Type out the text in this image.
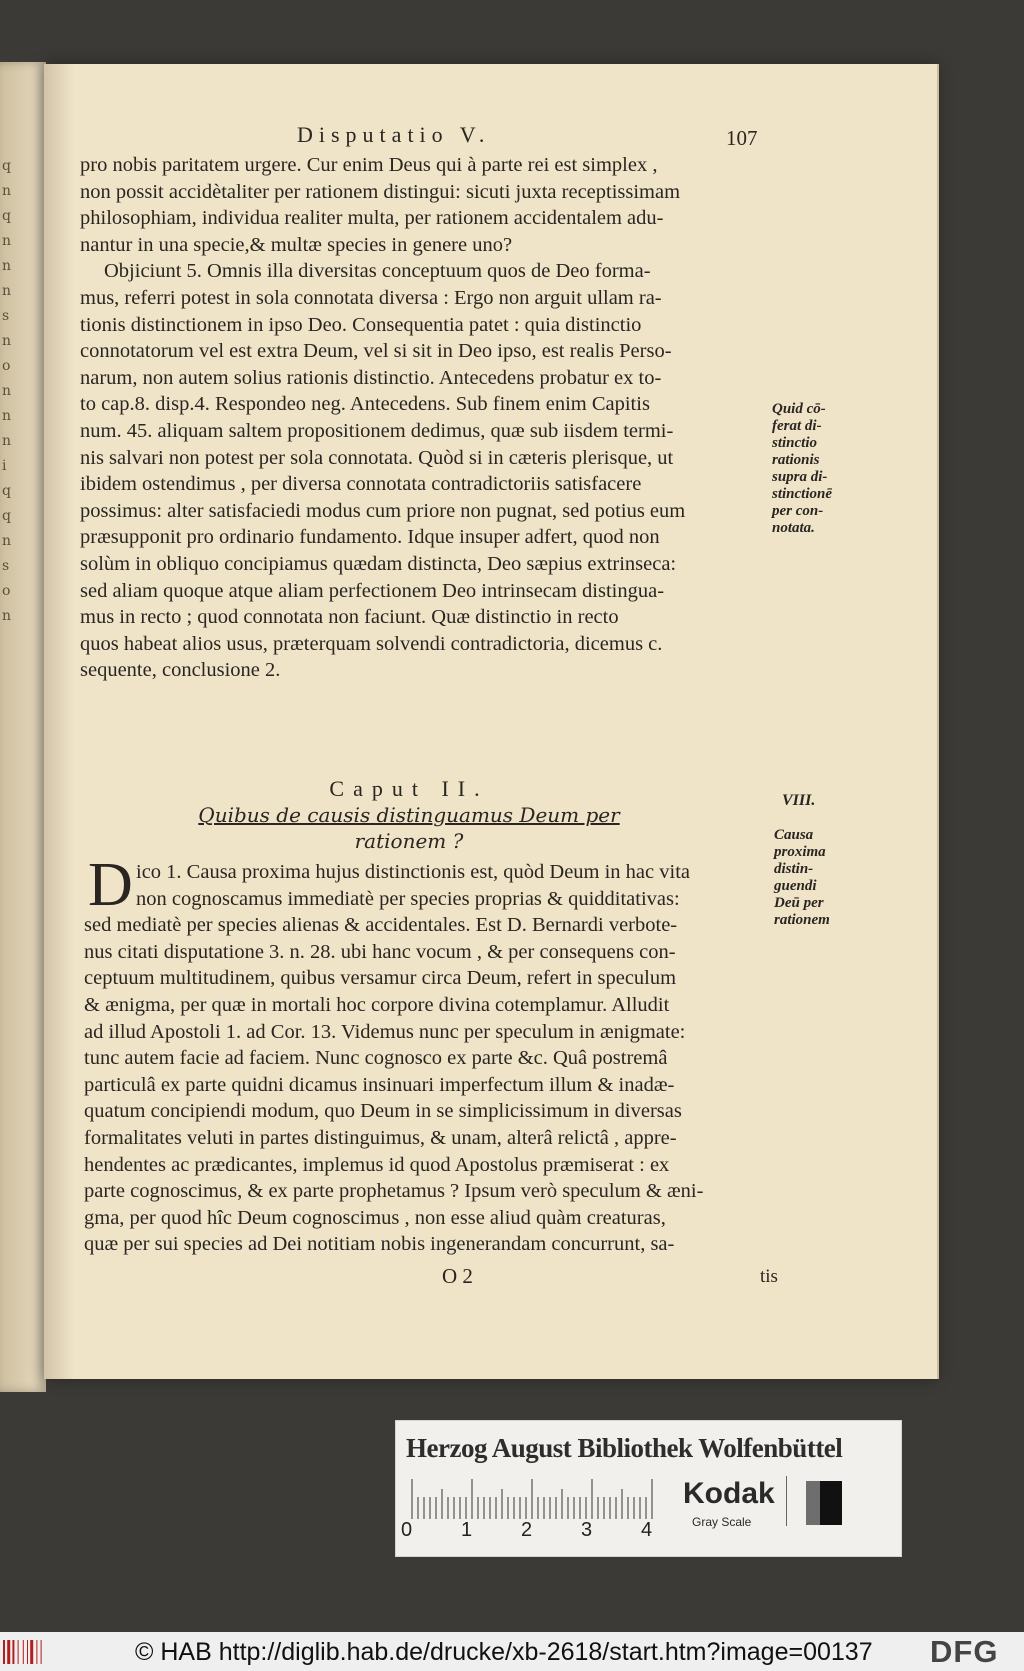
q
n
q
n
n
n
s
n
o
n
n
n
i
q
q
n
s
o
n
Disputatio V.	107
pro nobis paritatem urgere. Cur enim Deus qui à parte rei est simplex ,
non possit accidètaliter per rationem distingui: sicuti juxta receptissimam
philosophiam, individua realiter multa, per rationem accidentalem adu-
nantur in una specie,& multæ species in genere uno?
Objiciunt 5. Omnis illa diversitas conceptuum quos de Deo forma-
mus, referri potest in sola connotata diversa : Ergo non arguit ullam ra-
tionis distinctionem in ipso Deo. Consequentia patet : quia distinctio
connotatorum vel est extra Deum, vel si sit in Deo ipso, est realis Perso-
narum, non autem solius rationis distinctio. Antecedens probatur ex to-
to cap.8. disp.4. Respondeo neg. Antecedens. Sub finem enim Capitis
num. 45. aliquam saltem propositionem dedimus, quæ sub iisdem termi-
nis salvari non potest per sola connotata. Quòd si in cæteris plerisque, ut
ibidem ostendimus , per diversa connotata contradictoriis satisfacere
possimus: alter satisfaciedi modus cum priore non pugnat, sed potius eum
præsupponit pro ordinario fundamento. Idque insuper adfert, quod non
solùm in obliquo concipiamus quædam distincta, Deo sæpius extrinseca:
sed aliam quoque atque aliam perfectionem Deo intrinsecam distingua-
mus in recto ; quod connotata non faciunt. Quæ distinctio in recto
quos habeat alios usus, præterquam solvendi contradictoria, dicemus c.
sequente, conclusione 2.
Caput II.
Quibus de causis distinguamus Deum per
rationem ?
D ico 1. Causa proxima hujus distinctionis est, quòd Deum in hac vita
non cognoscamus immediatè per species proprias & quidditativas:
sed mediatè per species alienas & accidentales. Est D. Bernardi verbote-
nus citati disputatione 3. n. 28. ubi hanc vocum , & per consequens con-
ceptuum multitudinem, quibus versamur circa Deum, refert in speculum
& ænigma, per quæ in mortali hoc corpore divina cotemplamur. Alludit
ad illud Apostoli 1. ad Cor. 13. Videmus nunc per speculum in ænigmate:
tunc autem facie ad faciem. Nunc cognosco ex parte &c. Quâ postremâ
particulâ ex parte quidni dicamus insinuari imperfectum illum & inadæ-
quatum concipiendi modum, quo Deum in se simplicissimum in diversas
formalitates veluti in partes distinguimus, & unam, alterâ relictâ , appre-
hendentes ac prædicantes, implemus id quod Apostolus præmiserat : ex
parte cognoscimus, & ex parte prophetamus ? Ipsum verò speculum & æni-
gma, per quod hîc Deum cognoscimus , non esse aliud quàm creaturas,
quæ per sui species ad Dei notitiam nobis ingenerandam concurrunt, sa-
O 2	tis
Quid cō-
ferat di-
stinctio
rationis
supra di-
stinctionē
per con-
notata.
VIII.
Causa
proxima
distin-
guendi
Deū per
rationem
Herzog August Bibliothek Wolfenbüttel
0 1 2 3 4
Kodak
Gray Scale
© HAB http://diglib.hab.de/drucke/xb-2618/start.htm?image=00137 DFG
